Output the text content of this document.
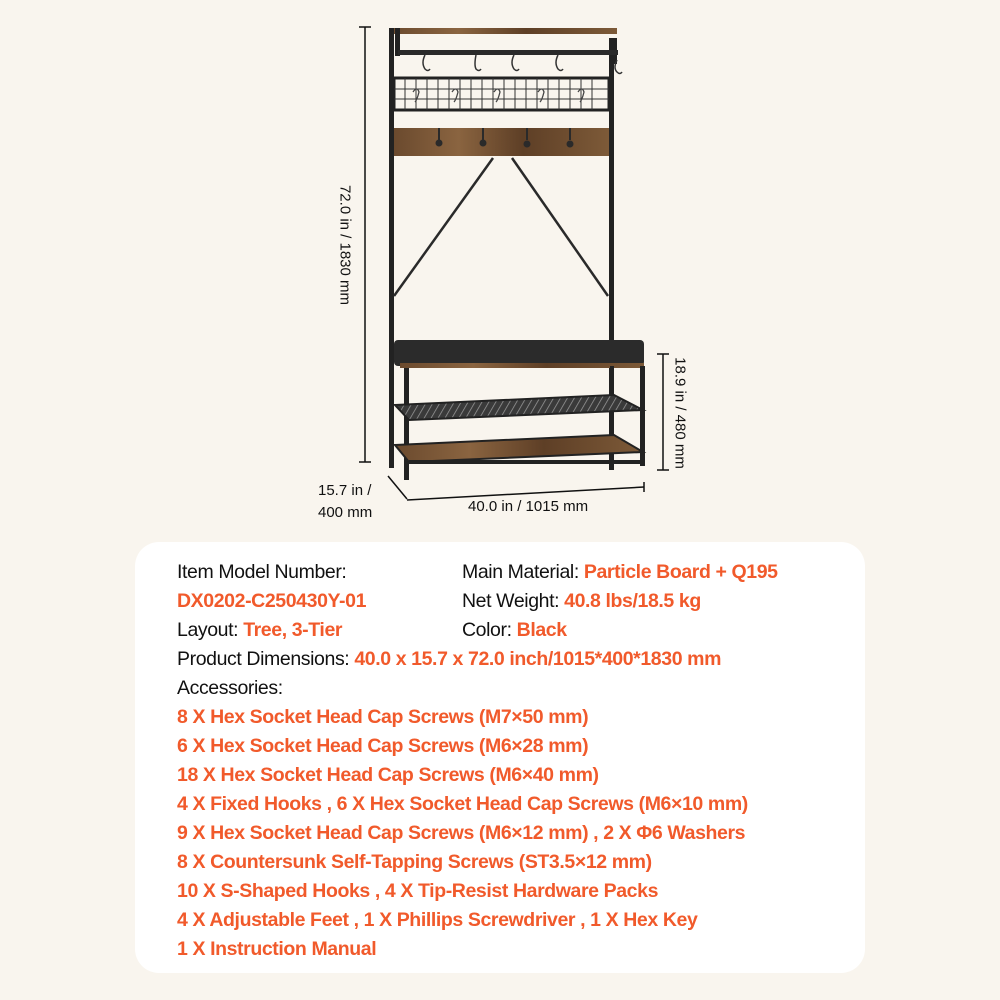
72.0 in / 1830 mm
18.9 in / 480 mm
15.7 in /
400 mm	40.0 in / 1015 mm
Item Model Number:
DX0202-C250430Y-01
Layout: Tree, 3-Tier
Main Material: Particle Board + Q195
Net Weight: 40.8 lbs/18.5 kg
Color: Black
Product Dimensions: 40.0 x 15.7 x 72.0 inch/1015*400*1830 mm
Accessories:
8 X Hex Socket Head Cap Screws (M7×50 mm)
6 X Hex Socket Head Cap Screws (M6×28 mm)
18 X Hex Socket Head Cap Screws (M6×40 mm)
4 X Fixed Hooks , 6 X Hex Socket Head Cap Screws (M6×10 mm)
9 X Hex Socket Head Cap Screws (M6×12 mm) , 2 X Φ6 Washers
8 X Countersunk Self-Tapping Screws (ST3.5×12 mm)
10 X S-Shaped Hooks , 4 X Tip-Resist Hardware Packs
4 X Adjustable Feet , 1 X Phillips Screwdriver , 1 X Hex Key
1 X Instruction Manual
